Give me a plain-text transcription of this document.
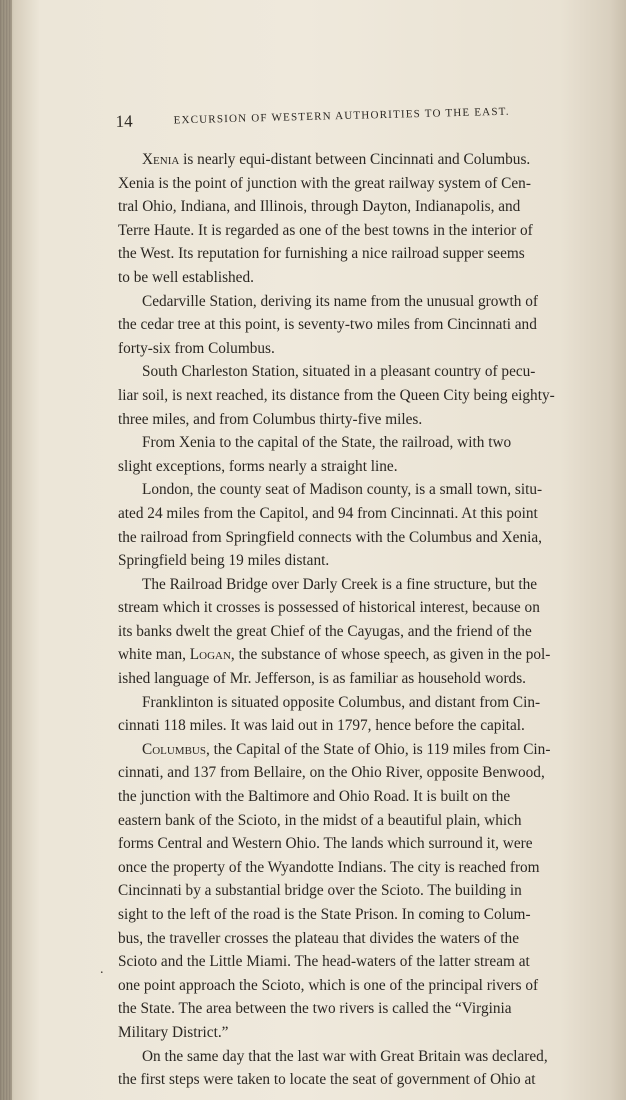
14	EXCURSION OF WESTERN AUTHORITIES TO THE EAST.
Xenia is nearly equi-distant between Cincinnati and Columbus.
Xenia is the point of junction with the great railway system of Cen-
tral Ohio, Indiana, and Illinois, through Dayton, Indianapolis, and
Terre Haute. It is regarded as one of the best towns in the interior of
the West. Its reputation for furnishing a nice railroad supper seems
to be well established.
Cedarville Station, deriving its name from the unusual growth of
the cedar tree at this point, is seventy-two miles from Cincinnati and
forty-six from Columbus.
South Charleston Station, situated in a pleasant country of pecu-
liar soil, is next reached, its distance from the Queen City being eighty-
three miles, and from Columbus thirty-five miles.
From Xenia to the capital of the State, the railroad, with two
slight exceptions, forms nearly a straight line.
London, the county seat of Madison county, is a small town, situ-
ated 24 miles from the Capitol, and 94 from Cincinnati. At this point
the railroad from Springfield connects with the Columbus and Xenia,
Springfield being 19 miles distant.
The Railroad Bridge over Darly Creek is a fine structure, but the
stream which it crosses is possessed of historical interest, because on
its banks dwelt the great Chief of the Cayugas, and the friend of the
white man, Logan, the substance of whose speech, as given in the pol-
ished language of Mr. Jefferson, is as familiar as household words.
Franklinton is situated opposite Columbus, and distant from Cin-
cinnati 118 miles. It was laid out in 1797, hence before the capital.
Columbus, the Capital of the State of Ohio, is 119 miles from Cin-
cinnati, and 137 from Bellaire, on the Ohio River, opposite Benwood,
the junction with the Baltimore and Ohio Road. It is built on the
eastern bank of the Scioto, in the midst of a beautiful plain, which
forms Central and Western Ohio. The lands which surround it, were
once the property of the Wyandotte Indians. The city is reached from
Cincinnati by a substantial bridge over the Scioto. The building in
sight to the left of the road is the State Prison. In coming to Colum-
bus, the traveller crosses the plateau that divides the waters of the
Scioto and the Little Miami. The head-waters of the latter stream at
one point approach the Scioto, which is one of the principal rivers of
the State. The area between the two rivers is called the “Virginia
Military District.”
On the same day that the last war with Great Britain was declared,
the first steps were taken to locate the seat of government of Ohio at
.
